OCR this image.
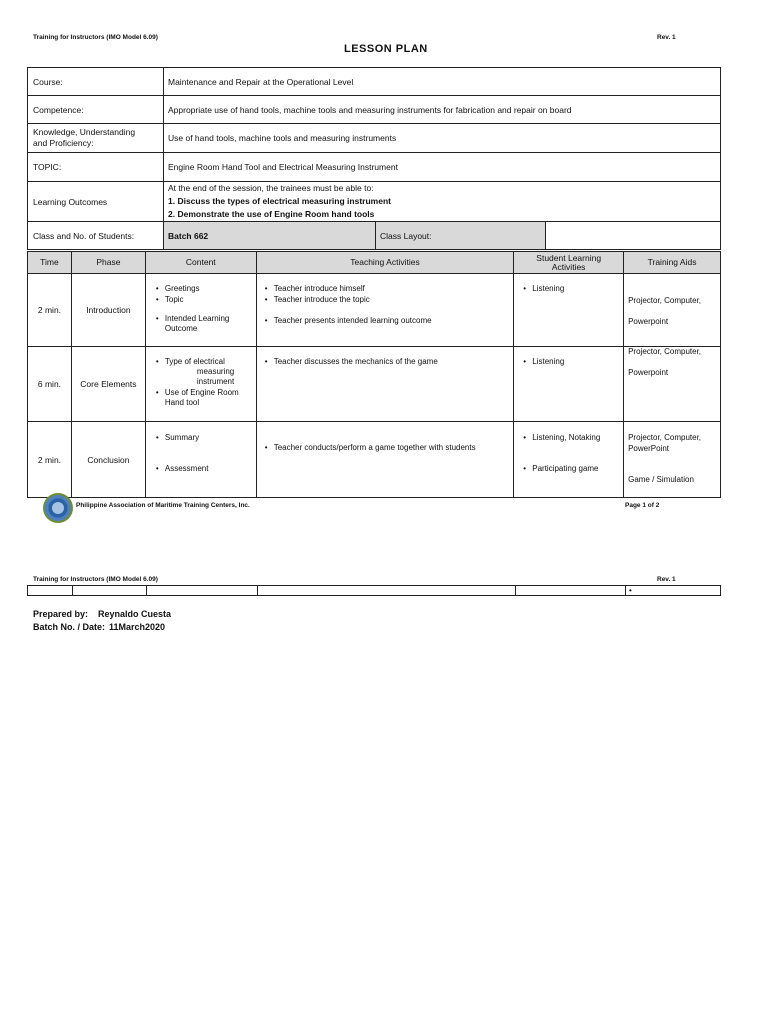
Training for Instructors (IMO Model 6.09)	Rev. 1
LESSON PLAN
Course:	Maintenance and Repair at the Operational Level
Competence:	Appropriate use of hand tools, machine tools and measuring instruments for fabrication and repair on board
Knowledge, Understanding
and Proficiency:	Use of hand tools, machine tools and measuring instruments
TOPIC:	Engine Room Hand Tool and Electrical Measuring Instrument
Learning Outcomes
At the end of the session, the trainees must be able to:
1. Discuss the types of electrical measuring instrument
2. Demonstrate the use of Engine Room hand tools
Class and No. of Students:	Batch 662	Class Layout:
Time	Phase	Content	Teaching Activities	Student Learning
Activities	Training Aids
2 min.	Introduction	• Greetings
• Topic
• Intended Learning Outcome	• Teacher introduce himself
• Teacher introduce the topic
• Teacher presents intended learning outcome	• Listening	Projector, Computer,
Powerpoint

6 min.	Core Elements	• Type of electrical
measuring
instrument
• Use of Engine Room
Hand tool	• Teacher discusses the mechanics of the game	• Listening	Projector, Computer,
Powerpoint

2 min.	Conclusion	• Summary
• Assessment	• Teacher conducts/perform a game together with students	• Listening, Notaking
• Participating game	Projector, Computer,
PowerPoint
Game / Simulation
Philippine Association of Maritime Training Centers, Inc.	Page 1 of 2
Training for Instructors (IMO Model 6.09)	Rev. 1
•
Prepared by: Reynaldo Cuesta
Batch No. / Date: 11March2020
